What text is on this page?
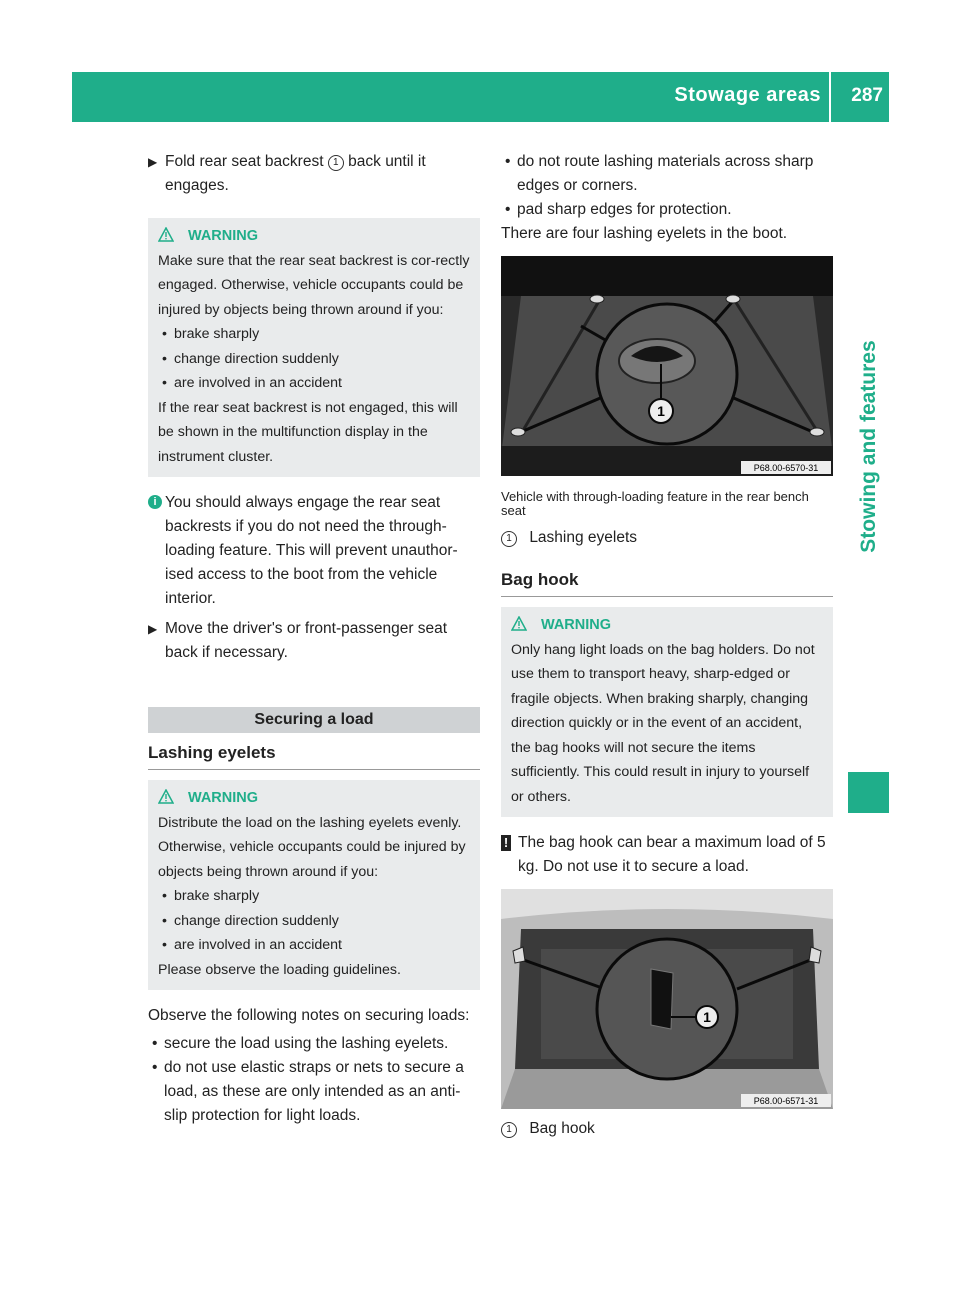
Stowage areas 287
Stowing and features

▶ Fold rear seat backrest 1 back until it engages.

WARNING

Make sure that the rear seat backrest is cor-rectly engaged. Otherwise, vehicle occupants could be injured by objects being thrown around if you:

• brake sharply

• change direction suddenly

• are involved in an accident

If the rear seat backrest is not engaged, this will be shown in the multifunction display in the instrument cluster.

i You should always engage the rear seat backrests if you do not need the through-loading feature. This will prevent unauthor-ised access to the boot from the vehicle interior.

▶ Move the driver's or front-passenger seat back if necessary.

Securing a load
Lashing eyelets
WARNING

Distribute the load on the lashing eyelets evenly.

Otherwise, vehicle occupants could be injured by objects being thrown around if you:

• brake sharply

• change direction suddenly

• are involved in an accident

Please observe the loading guidelines.

Observe the following notes on securing loads:

• secure the load using the lashing eyelets.

• do not use elastic straps or nets to secure a load, as these are only intended as an anti-slip protection for light loads.

• do not route lashing materials across sharp edges or corners.

• pad sharp edges for protection.

There are four lashing eyelets in the boot.

1
P68.00-6570-31

Vehicle with through-loading feature in the rear bench seat

1 Lashing eyelets

Bag hook
WARNING

Only hang light loads on the bag holders. Do not use them to transport heavy, sharp-edged or fragile objects. When braking sharply, changing direction quickly or in the event of an accident, the bag hooks will not secure the items sufficiently. This could result in injury to yourself or others.

! The bag hook can bear a maximum load of 5 kg. Do not use it to secure a load.

1
P68.00-6571-31

1 Bag hook
